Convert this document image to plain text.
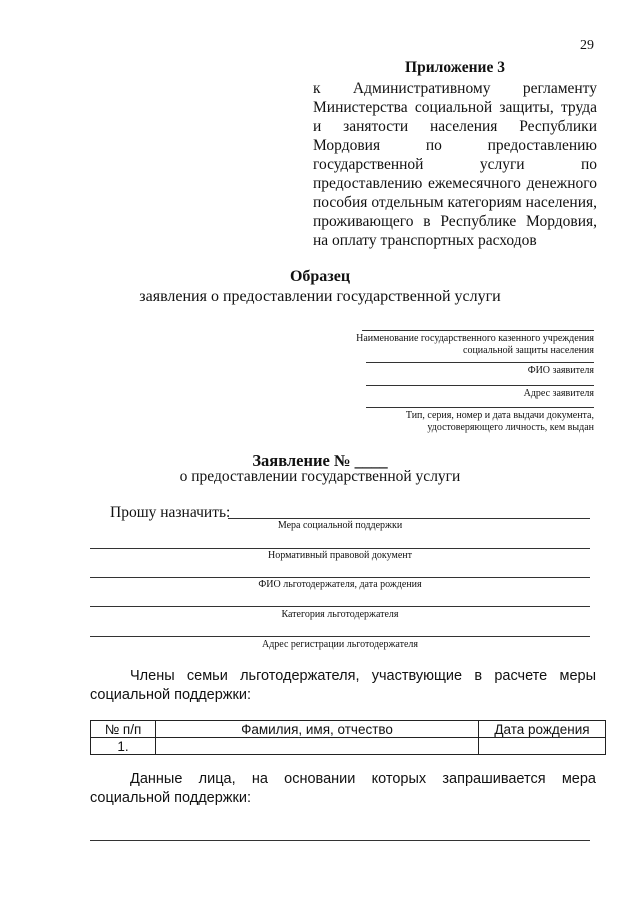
29
Приложение 3
к Административному регламенту Министерства социальной защиты, труда и занятости населения Республики Мордовия по предоставлению государственной услуги по предоставлению ежемесячного денежного пособия отдельным категориям населения, проживающего в Республике Мордовия, на оплату транспортных расходов
Образец
заявления о предоставлении государственной услуги
Наименование государственного казенного учреждения
социальной защиты населения
ФИО заявителя
Адрес заявителя
Тип, серия, номер и дата выдачи документа,
удостоверяющего личность, кем выдан
Заявление № ____
о предоставлении государственной услуги
Прошу назначить:
Мера социальной поддержки
Нормативный правовой документ
ФИО льготодержателя, дата рождения
Категория льготодержателя
Адрес регистрации льготодержателя
Члены семьи льготодержателя, участвующие в расчете меры социальной поддержки:
№ п/п	Фамилия, имя, отчество	Дата рождения
1.		
Данные лица, на основании которых запрашивается мера социальной поддержки:
